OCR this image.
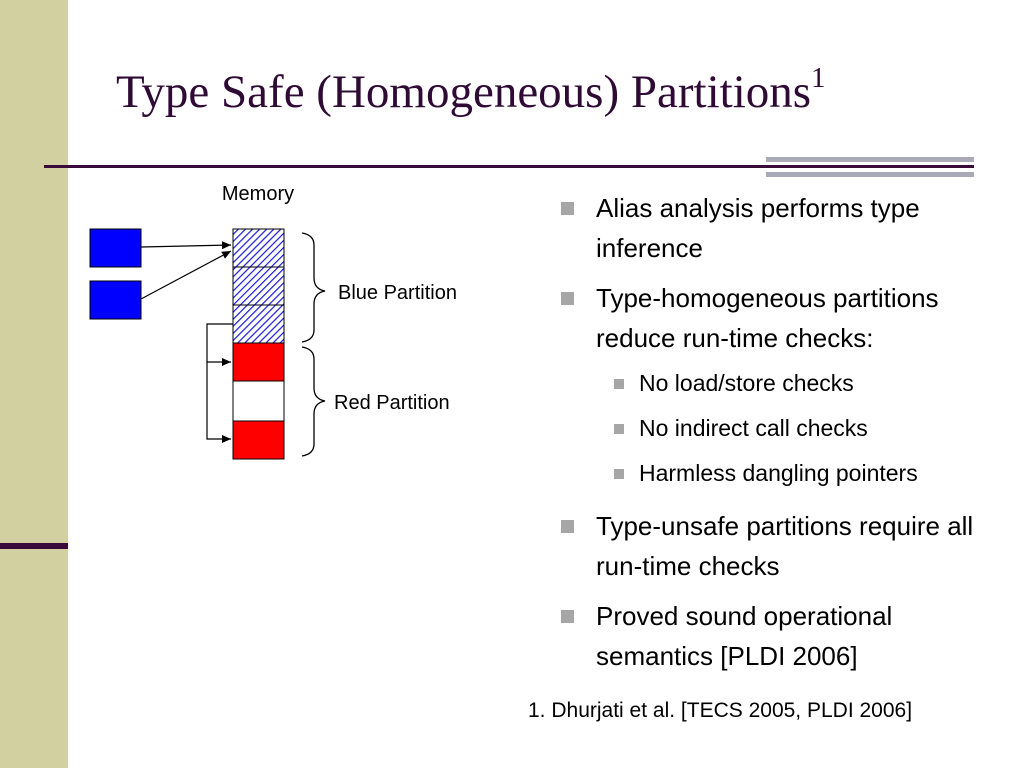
Type Safe (Homogeneous) Partitions$^1$
Memory
Blue Partition
Red Partition
Alias analysis performs type inference
Type-homogeneous partitions reduce run-time checks:
No load/store checks
No indirect call checks
Harmless dangling pointers
Type-unsafe partitions require all run-time checks
Proved sound operational semantics [PLDI 2006]
1. Dhurjati et al. [TECS 2005, PLDI 2006]
